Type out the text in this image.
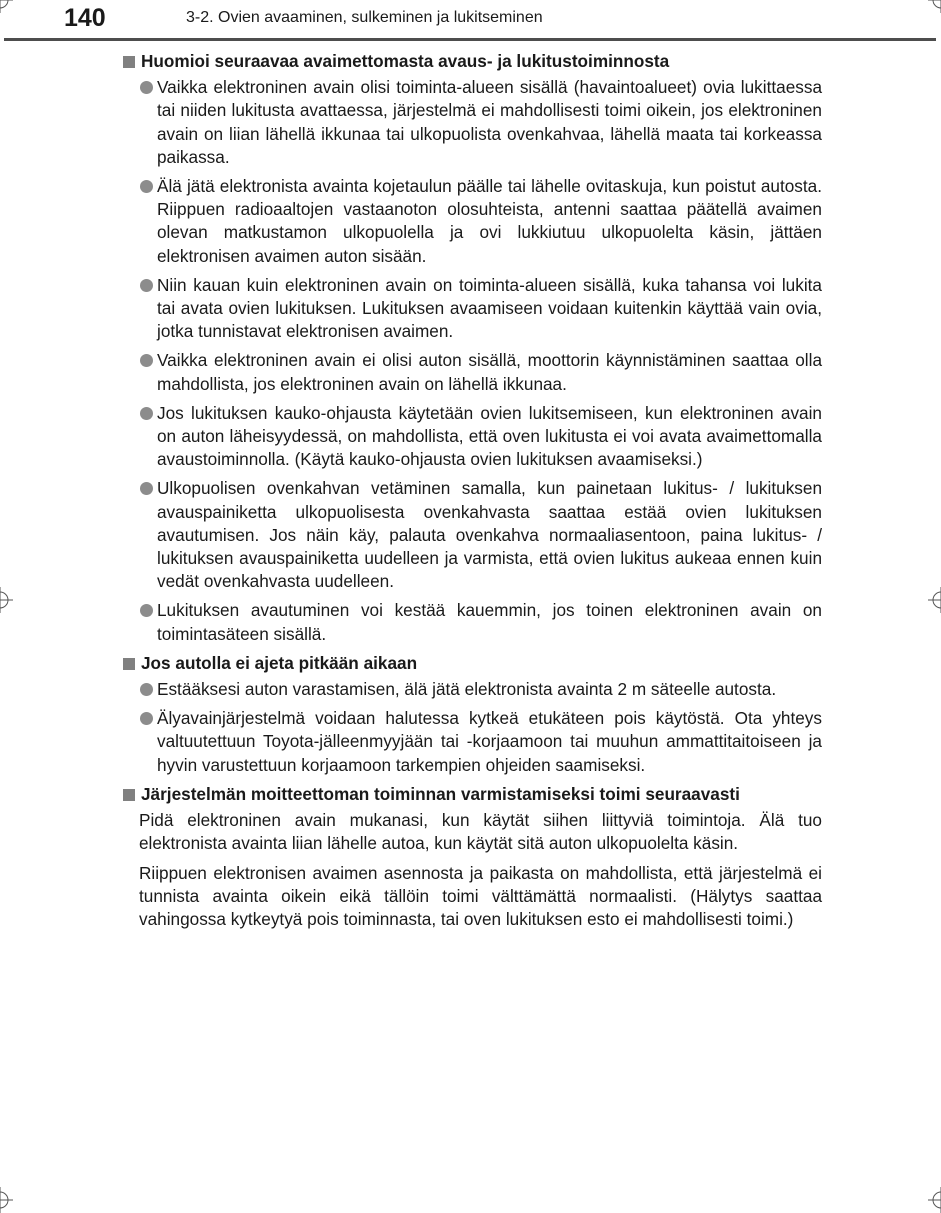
140	3-2. Ovien avaaminen, sulkeminen ja lukitseminen
Huomioi seuraavaa avaimettomasta avaus- ja lukitustoiminnosta
Vaikka elektroninen avain olisi toiminta-alueen sisällä (havaintoalueet) ovia lukittaessa tai niiden lukitusta avattaessa, järjestelmä ei mahdollisesti toimi oikein, jos elektroninen avain on liian lähellä ikkunaa tai ulkopuolista ovenkahvaa, lähellä maata tai korkeassa paikassa.
Älä jätä elektronista avainta kojetaulun päälle tai lähelle ovitaskuja, kun poistut autosta. Riippuen radioaaltojen vastaanoton olosuhteista, antenni saattaa päätellä avaimen olevan matkustamon ulkopuolella ja ovi lukkiutuu ulkopuolelta käsin, jättäen elektronisen avaimen auton sisään.
Niin kauan kuin elektroninen avain on toiminta-alueen sisällä, kuka tahansa voi lukita tai avata ovien lukituksen. Lukituksen avaamiseen voidaan kuitenkin käyttää vain ovia, jotka tunnistavat elektronisen avaimen.
Vaikka elektroninen avain ei olisi auton sisällä, moottorin käynnistäminen saattaa olla mahdollista, jos elektroninen avain on lähellä ikkunaa.
Jos lukituksen kauko-ohjausta käytetään ovien lukitsemiseen, kun elektroninen avain on auton läheisyydessä, on mahdollista, että oven lukitusta ei voi avata avaimettomalla avaustoiminnolla. (Käytä kauko-ohjausta ovien lukituksen avaamiseksi.)
Ulkopuolisen ovenkahvan vetäminen samalla, kun painetaan lukitus- / lukituksen avauspainiketta ulkopuolisesta ovenkahvasta saattaa estää ovien lukituksen avautumisen. Jos näin käy, palauta ovenkahva normaaliasentoon, paina lukitus- / lukituksen avauspainiketta uudelleen ja varmista, että ovien lukitus aukeaa ennen kuin vedät ovenkahvasta uudelleen.
Lukituksen avautuminen voi kestää kauemmin, jos toinen elektroninen avain on toimintasäteen sisällä.
Jos autolla ei ajeta pitkään aikaan
Estääksesi auton varastamisen, älä jätä elektronista avainta 2 m säteelle autosta.
Älyavainjärjestelmä voidaan halutessa kytkeä etukäteen pois käytöstä. Ota yhteys valtuutettuun Toyota-jälleenmyyjään tai -korjaamoon tai muuhun ammattitaitoiseen ja hyvin varustettuun korjaamoon tarkempien ohjeiden saamiseksi.
Järjestelmän moitteettoman toiminnan varmistamiseksi toimi seuraavasti

Pidä elektroninen avain mukanasi, kun käytät siihen liittyviä toimintoja. Älä tuo elektronista avainta liian lähelle autoa, kun käytät sitä auton ulkopuolelta käsin.

Riippuen elektronisen avaimen asennosta ja paikasta on mahdollista, että järjestelmä ei tunnista avainta oikein eikä tällöin toimi välttämättä normaalisti. (Hälytys saattaa vahingossa kytkeytyä pois toiminnasta, tai oven lukituksen esto ei mahdollisesti toimi.)
